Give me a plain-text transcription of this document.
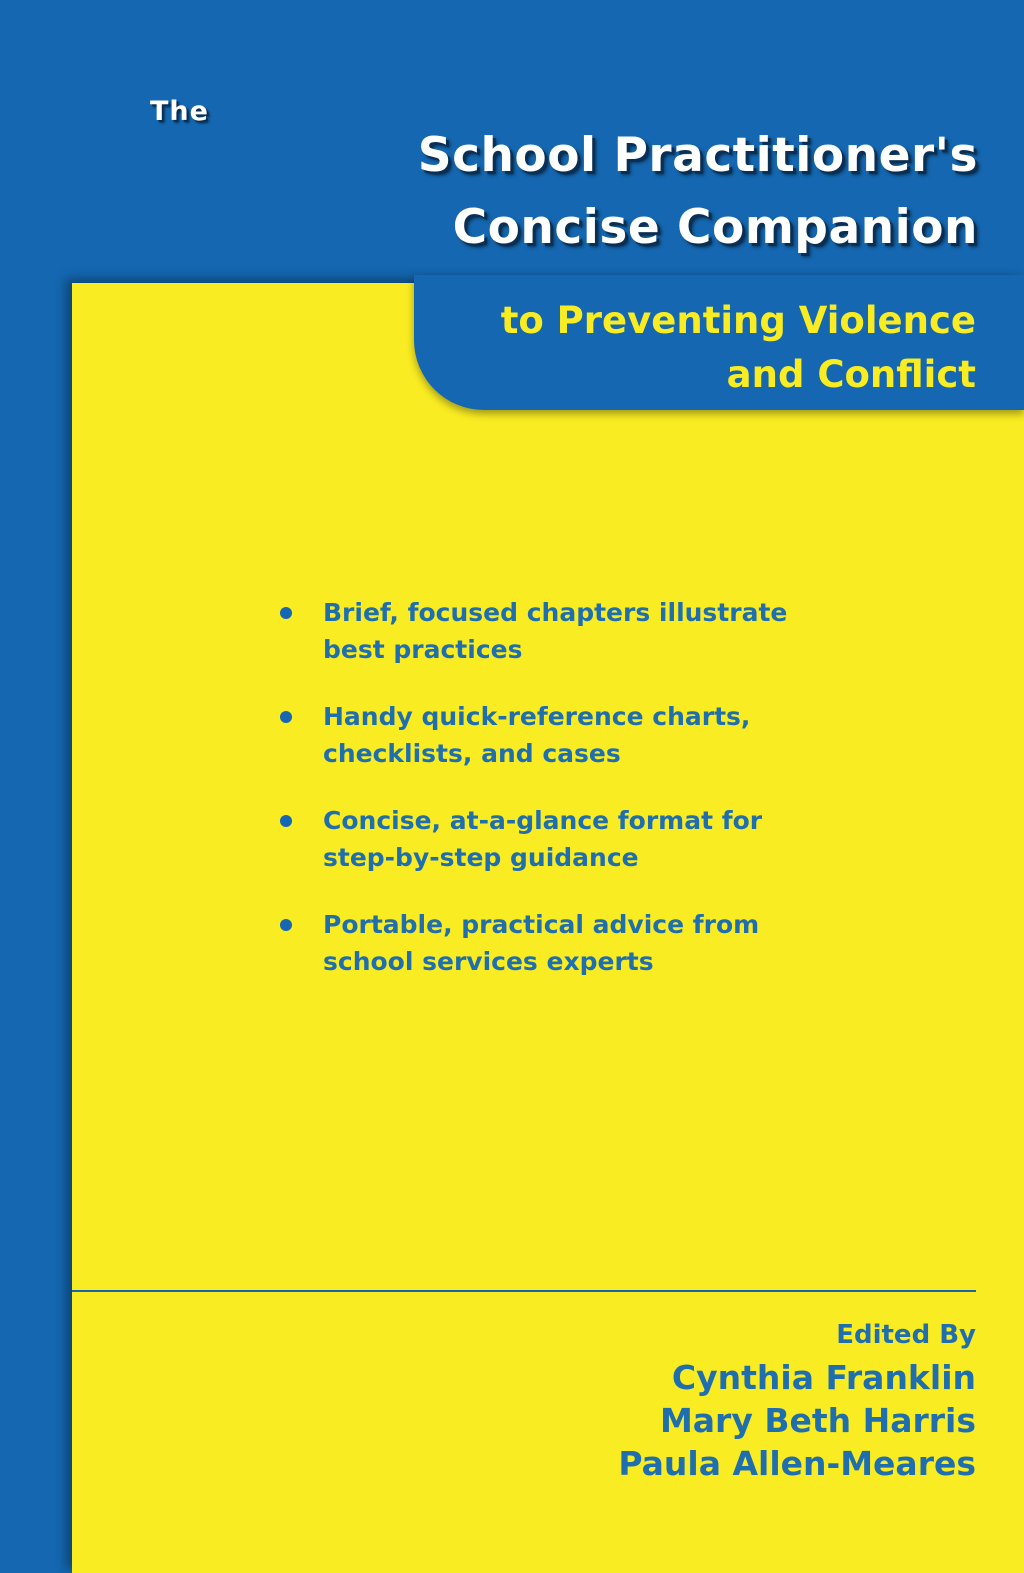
The
School Practitioner's
Concise Companion
to Preventing Violence
and Conflict
Brief, focused chapters illustrate
best practices
Handy quick-reference charts,
checklists, and cases
Concise, at-a-glance format for
step-by-step guidance
Portable, practical advice from
school services experts
Edited By
Cynthia Franklin
Mary Beth Harris
Paula Allen-Meares
